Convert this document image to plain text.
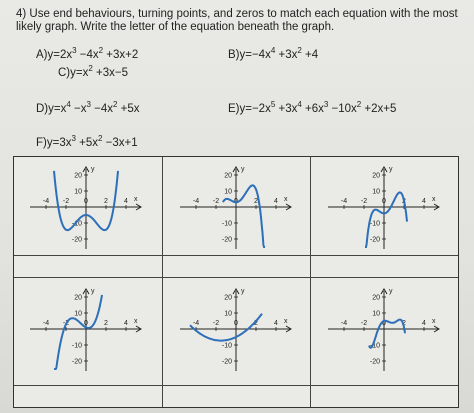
4) Use end behaviours, turning points, and zeros to match each equation with the most likely graph. Write the letter of the equation beneath the graph.
$A)y=2x^3 -4x^2 +3x+2$	$B)y=-4x^4 +3x^2 +4$
$C)y=x^2 +3x-5$
$D)y=x^4 -x^3 -4x^2 +5x$	$E)y=-2x^5 +3x^4 +6x^3 -10x^2 +2x+5$
$F)y=3x^3 +5x^2 -3x+1$
20
10
-10
-20
-4 -2 0 2 4
y
x
20
10
-10
-20
-4 -2 0 2 4
y
x
20
10
-10
-20
-4 -2 0 2 4
y
x
20
10
-10
-20
-4 -2 0 2 4
y
x
20
10
-10
-20
-4 -2 0 2 4
y
x
20
10
-10
-20
-4 -2 0 2 4
y
x
